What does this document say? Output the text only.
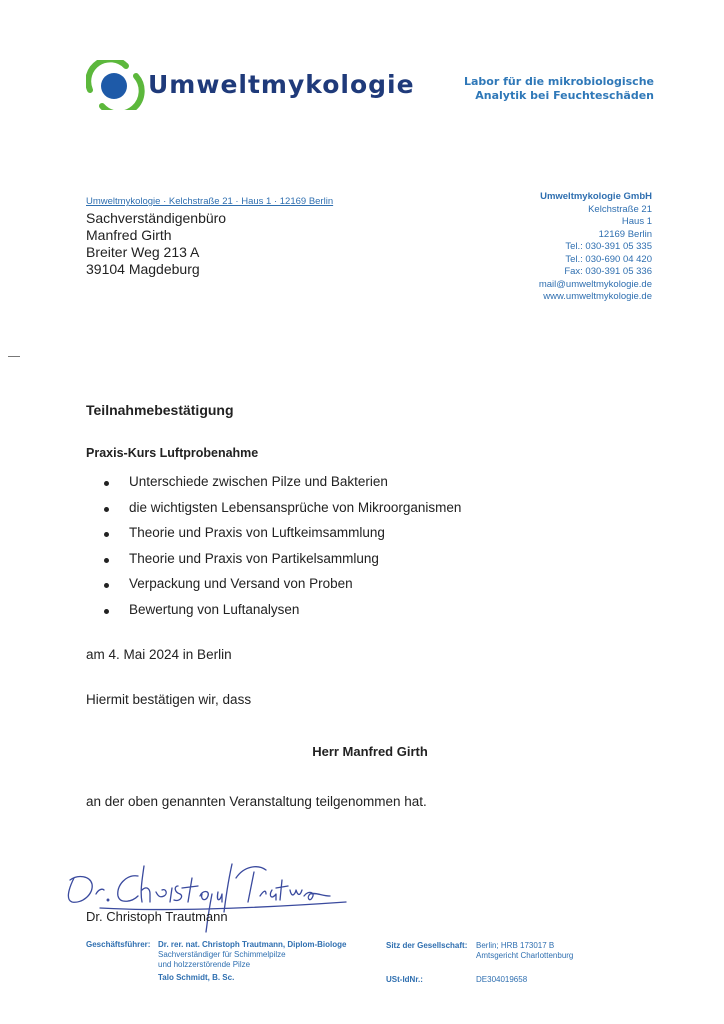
Umweltmykologie	Labor für die mikrobiologische
Analytik bei Feuchteschäden
Umweltmykologie · Kelchstraße 21 · Haus 1 · 12169 Berlin
Sachverständigenbüro
Manfred Girth
Breiter Weg 213 A
39104 Magdeburg
Umweltmykologie GmbH
Kelchstraße 21
Haus 1
12169 Berlin
Tel.: 030-391 05 335
Tel.: 030-690 04 420
Fax: 030-391 05 336
mail@umweltmykologie.de
www.umweltmykologie.de
Teilnahmebestätigung
Praxis-Kurs Luftprobenahme
Unterschiede zwischen Pilze und Bakterien
die wichtigsten Lebensansprüche von Mikroorganismen
Theorie und Praxis von Luftkeimsammlung
Theorie und Praxis von Partikelsammlung
Verpackung und Versand von Proben
Bewertung von Luftanalysen
am 4. Mai 2024 in Berlin
Hiermit bestätigen wir, dass
Herr Manfred Girth
an der oben genannten Veranstaltung teilgenommen hat.
Dr. Christoph Trautmann
Geschäftsführer: Dr. rer. nat. Christoph Trautmann, Diplom-Biologe
Sachverständiger für Schimmelpilze
und holzzerstörende Pilze
Talo Schmidt, B. Sc.
Sitz der Gesellschaft: Berlin; HRB 173017 B
Amtsgericht Charlottenburg
USt-IdNr.:	DE304019658
